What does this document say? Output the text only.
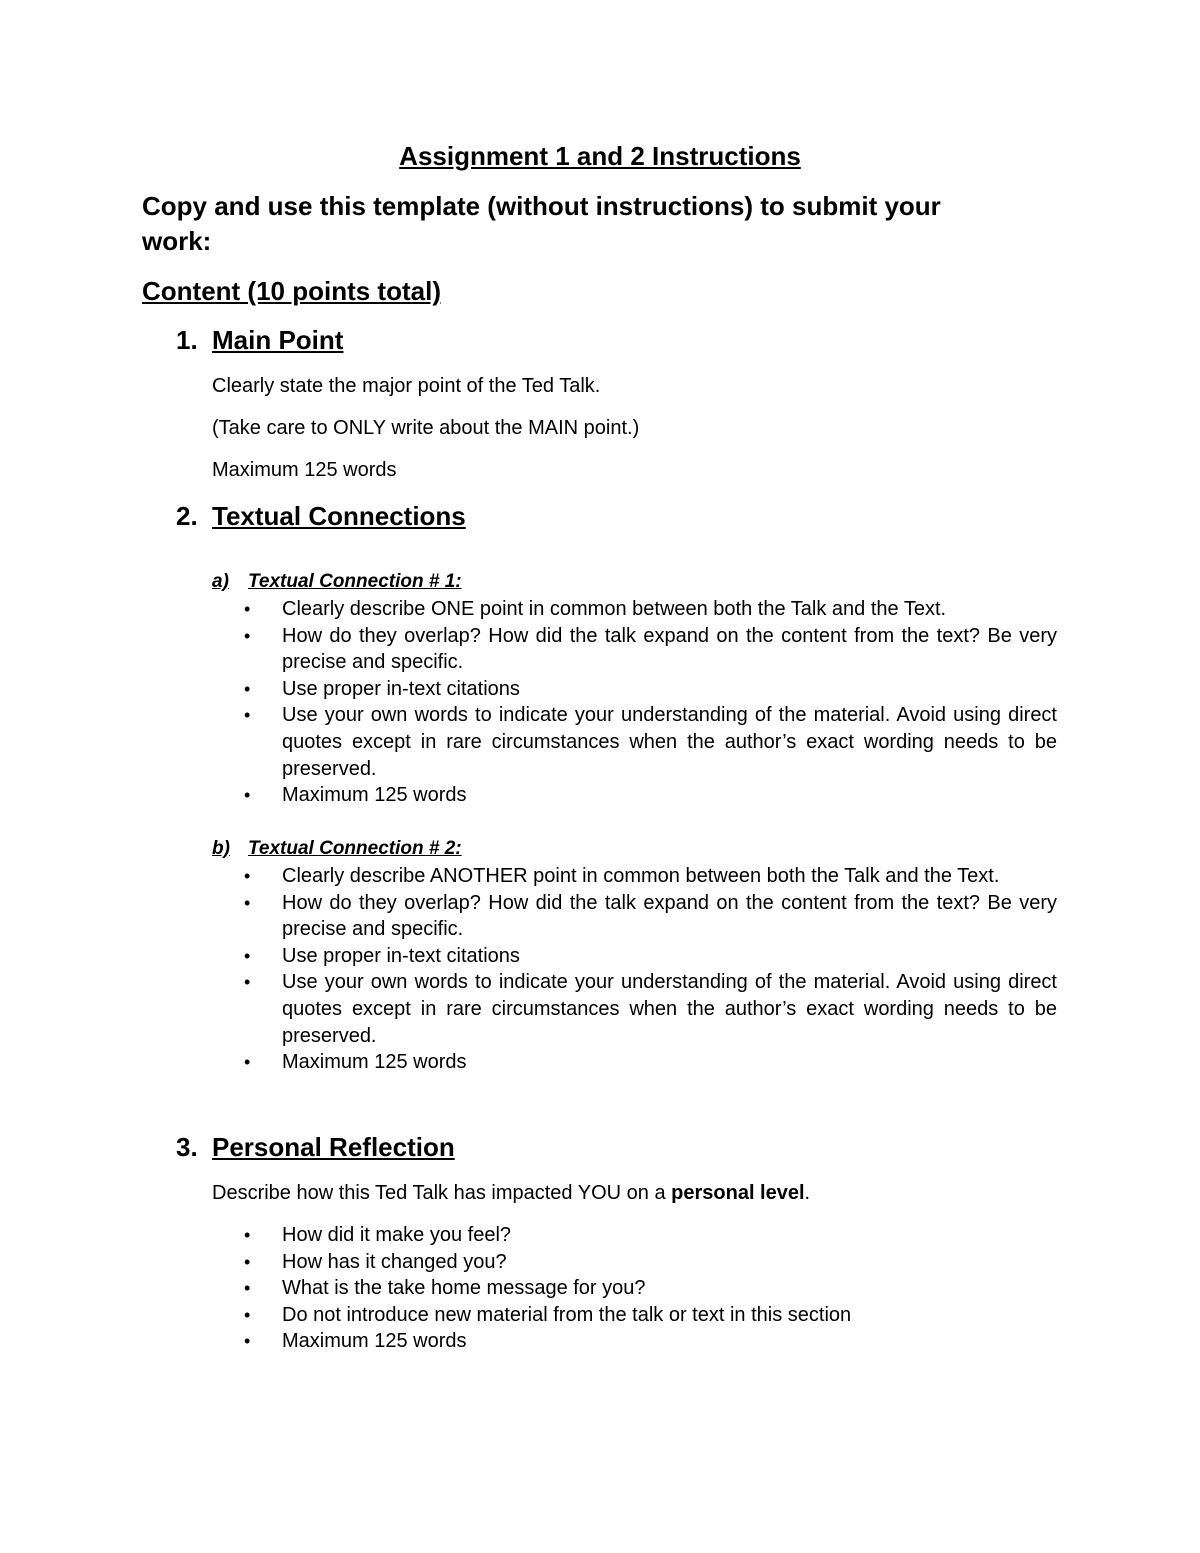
Assignment 1 and 2 Instructions
Copy and use this template (without instructions) to submit your
work:
Content (10 points total)
1. Main Point
Clearly state the major point of the Ted Talk.
(Take care to ONLY write about the MAIN point.)
Maximum 125 words
2. Textual Connections
a) Textual Connection # 1:
• Clearly describe ONE point in common between both the Talk and the Text.
• How do they overlap? How did the talk expand on the content from the text? Be very precise and specific.
• Use proper in-text citations
• Use your own words to indicate your understanding of the material. Avoid using direct quotes except in rare circumstances when the author’s exact wording needs to be preserved.
• Maximum 125 words
b) Textual Connection # 2:
• Clearly describe ANOTHER point in common between both the Talk and the Text.
• How do they overlap? How did the talk expand on the content from the text? Be very precise and specific.
• Use proper in-text citations
• Use your own words to indicate your understanding of the material. Avoid using direct quotes except in rare circumstances when the author’s exact wording needs to be preserved.
• Maximum 125 words
3. Personal Reflection
Describe how this Ted Talk has impacted YOU on a personal level.
• How did it make you feel?
• How has it changed you?
• What is the take home message for you?
• Do not introduce new material from the talk or text in this section
• Maximum 125 words
